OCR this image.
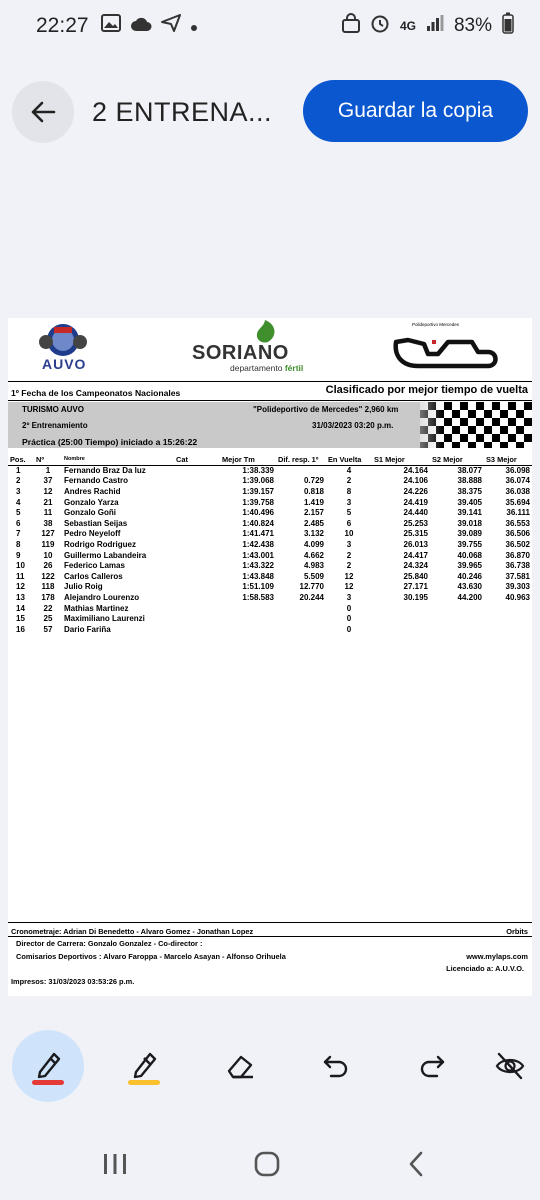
22:27	4G 83%
2 ENTRENA...	Guardar la copia
AUVO	SORIANO
departamento fértil
Polideportivo Mercedes
1º Fecha de los Campeonatos Nacionales	Clasificado por mejor tiempo de vuelta
TURISMO AUVO	"Polideportivo de Mercedes" 2,960 km
2º Entrenamiento	31/03/2023 03:20 p.m.
Práctica (25:00 Tiempo) iniciado a 15:26:22
Pos.	Nº	Nombre	Cat	Mejor Tm	Dif. resp. 1º	En Vuelta	S1 Mejor	S2 Mejor	S3 Mejor
1	1	Fernando Braz Da luz		1:38.339		4	24.164	38.077	36.098
2	37	Fernando Castro		1:39.068	0.729	2	24.106	38.888	36.074
3	12	Andres Rachid		1:39.157	0.818	8	24.226	38.375	36.038
4	21	Gonzalo Yarza		1:39.758	1.419	3	24.419	39.405	35.694
5	11	Gonzalo Goñi		1:40.496	2.157	5	24.440	39.141	36.111
6	38	Sebastian Seijas		1:40.824	2.485	6	25.253	39.018	36.553
7	127	Pedro Neyeloff		1:41.471	3.132	10	25.315	39.089	36.506
8	119	Rodrigo Rodriguez		1:42.438	4.099	3	26.013	39.755	36.502
9	10	Guillermo Labandeira		1:43.001	4.662	2	24.417	40.068	36.870
10	26	Federico Lamas		1:43.322	4.983	2	24.324	39.965	36.738
11	122	Carlos Calleros		1:43.848	5.509	12	25.840	40.246	37.581
12	118	Julio Roig		1:51.109	12.770	12	27.171	43.630	39.303
13	178	Alejandro Lourenzo		1:58.583	20.244	3	30.195	44.200	40.963
14	22	Mathias Martinez				0			
15	25	Maximiliano Laurenzi				0			
16	57	Dario Fariña				0			
Cronometraje: Adrian Di Benedetto - Alvaro Gomez - Jonathan Lopez	Orbits
Director de Carrera: Gonzalo Gonzalez - Co-director :
Comisarios Deportivos : Alvaro Faroppa - Marcelo Asayan - Alfonso Orihuela	www.mylaps.com
Licenciado a: A.U.V.O.
Impresos: 31/03/2023 03:53:26 p.m.
